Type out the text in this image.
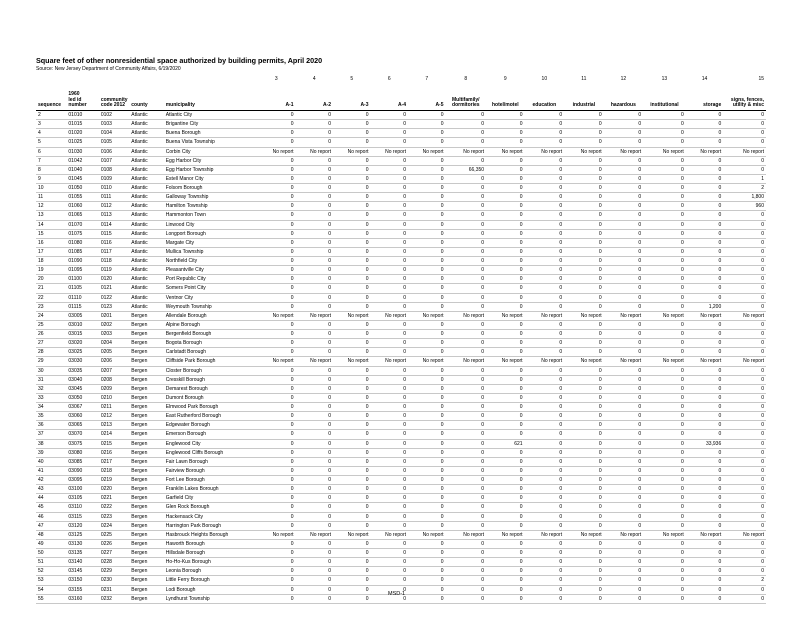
Square feet of other nonresidential space authorized by building permits, April 2020
Source: New Jersey Department of Community Affairs, 6/19/2020
					3	4	5	6	7	8	9	10	11	12	13	14	15
sequence	1960
led id
number	community
code 2012	county	municipality	A-1	A-2	A-3	A-4	A-5	Multifamily/
dormitories	hotel/motel	education	industrial	hazardous	institutional	storage	signs, fences,
utility & misc
2	01010	0102	Atlantic	Atlantic City	0	0	0	0	0	0	0	0	0	0	0	0	0
3	01015	0103	Atlantic	Brigantine City	0	0	0	0	0	0	0	0	0	0	0	0	0
4	01020	0104	Atlantic	Buena Borough	0	0	0	0	0	0	0	0	0	0	0	0	0
5	01025	0105	Atlantic	Buena Vista Township	0	0	0	0	0	0	0	0	0	0	0	0	0
6	01030	0106	Atlantic	Corbin City	No report	No report	No report	No report	No report	No report	No report	No report	No report	No report	No report	No report	No report
7	01042	0107	Atlantic	Egg Harbor City	0	0	0	0	0	0	0	0	0	0	0	0	0
8	01040	0108	Atlantic	Egg Harbor Township	0	0	0	0	0	66,350	0	0	0	0	0	0	0
9	01045	0109	Atlantic	Estell Manor City	0	0	0	0	0	0	0	0	0	0	0	0	1
10	01050	0110	Atlantic	Folsom Borough	0	0	0	0	0	0	0	0	0	0	0	0	2
11	01055	0111	Atlantic	Galloway Township	0	0	0	0	0	0	0	0	0	0	0	0	1,800
12	01060	0112	Atlantic	Hamilton Township	0	0	0	0	0	0	0	0	0	0	0	0	960
13	01065	0113	Atlantic	Hammonton Town	0	0	0	0	0	0	0	0	0	0	0	0	0
14	01070	0114	Atlantic	Linwood City	0	0	0	0	0	0	0	0	0	0	0	0	0
15	01075	0115	Atlantic	Longport Borough	0	0	0	0	0	0	0	0	0	0	0	0	0
16	01080	0116	Atlantic	Margate City	0	0	0	0	0	0	0	0	0	0	0	0	0
17	01085	0117	Atlantic	Mullica Township	0	0	0	0	0	0	0	0	0	0	0	0	0
18	01090	0118	Atlantic	Northfield City	0	0	0	0	0	0	0	0	0	0	0	0	0
19	01095	0119	Atlantic	Pleasantville City	0	0	0	0	0	0	0	0	0	0	0	0	0
20	01100	0120	Atlantic	Port Republic City	0	0	0	0	0	0	0	0	0	0	0	0	0
21	01105	0121	Atlantic	Somers Point City	0	0	0	0	0	0	0	0	0	0	0	0	0
22	01110	0122	Atlantic	Ventnor City	0	0	0	0	0	0	0	0	0	0	0	0	0
23	01115	0123	Atlantic	Weymouth Township	0	0	0	0	0	0	0	0	0	0	0	1,200	0
24	03005	0201	Bergen	Allendale Borough	No report	No report	No report	No report	No report	No report	No report	No report	No report	No report	No report	No report	No report
25	03010	0202	Bergen	Alpine Borough	0	0	0	0	0	0	0	0	0	0	0	0	0
26	03015	0203	Bergen	Bergenfield Borough	0	0	0	0	0	0	0	0	0	0	0	0	0
27	03020	0204	Bergen	Bogota Borough	0	0	0	0	0	0	0	0	0	0	0	0	0
28	03025	0205	Bergen	Carlstadt Borough	0	0	0	0	0	0	0	0	0	0	0	0	0
29	03030	0206	Bergen	Cliffside Park Borough	No report	No report	No report	No report	No report	No report	No report	No report	No report	No report	No report	No report	No report
30	03035	0207	Bergen	Closter Borough	0	0	0	0	0	0	0	0	0	0	0	0	0
31	03040	0208	Bergen	Cresskill Borough	0	0	0	0	0	0	0	0	0	0	0	0	0
32	03045	0209	Bergen	Demarest Borough	0	0	0	0	0	0	0	0	0	0	0	0	0
33	03050	0210	Bergen	Dumont Borough	0	0	0	0	0	0	0	0	0	0	0	0	0
34	03067	0211	Bergen	Elmwood Park Borough	0	0	0	0	0	0	0	0	0	0	0	0	0
35	03060	0212	Bergen	East Rutherford Borough	0	0	0	0	0	0	0	0	0	0	0	0	0
36	03065	0213	Bergen	Edgewater Borough	0	0	0	0	0	0	0	0	0	0	0	0	0
37	03070	0214	Bergen	Emerson Borough	0	0	0	0	0	0	0	0	0	0	0	0	0
38	03075	0215	Bergen	Englewood City	0	0	0	0	0	0	621	0	0	0	0	33,936	0
39	03080	0216	Bergen	Englewood Cliffs Borough	0	0	0	0	0	0	0	0	0	0	0	0	0
40	03085	0217	Bergen	Fair Lawn Borough	0	0	0	0	0	0	0	0	0	0	0	0	0
41	03090	0218	Bergen	Fairview Borough	0	0	0	0	0	0	0	0	0	0	0	0	0
42	03095	0219	Bergen	Fort Lee Borough	0	0	0	0	0	0	0	0	0	0	0	0	0
43	03100	0220	Bergen	Franklin Lakes Borough	0	0	0	0	0	0	0	0	0	0	0	0	0
44	03105	0221	Bergen	Garfield City	0	0	0	0	0	0	0	0	0	0	0	0	0
45	03110	0222	Bergen	Glen Rock Borough	0	0	0	0	0	0	0	0	0	0	0	0	0
46	03115	0223	Bergen	Hackensack City	0	0	0	0	0	0	0	0	0	0	0	0	0
47	03120	0224	Bergen	Harrington Park Borough	0	0	0	0	0	0	0	0	0	0	0	0	0
48	03125	0225	Bergen	Hasbrouck Heights Borough	No report	No report	No report	No report	No report	No report	No report	No report	No report	No report	No report	No report	No report
49	03130	0226	Bergen	Haworth Borough	0	0	0	0	0	0	0	0	0	0	0	0	0
50	03135	0227	Bergen	Hillsdale Borough	0	0	0	0	0	0	0	0	0	0	0	0	0
51	03140	0228	Bergen	Ho-Ho-Kus Borough	0	0	0	0	0	0	0	0	0	0	0	0	0
52	03145	0229	Bergen	Leonia Borough	0	0	0	0	0	0	0	0	0	0	0	0	0
53	03150	0230	Bergen	Little Ferry Borough	0	0	0	0	0	0	0	0	0	0	0	0	2
54	03155	0231	Bergen	Lodi Borough	0	0	0	0	0	0	0	0	0	0	0	0	0
55	03160	0232	Bergen	Lyndhurst Township	0	0	0	0	0	0	0	0	0	0	0	0	0
MSD-1
